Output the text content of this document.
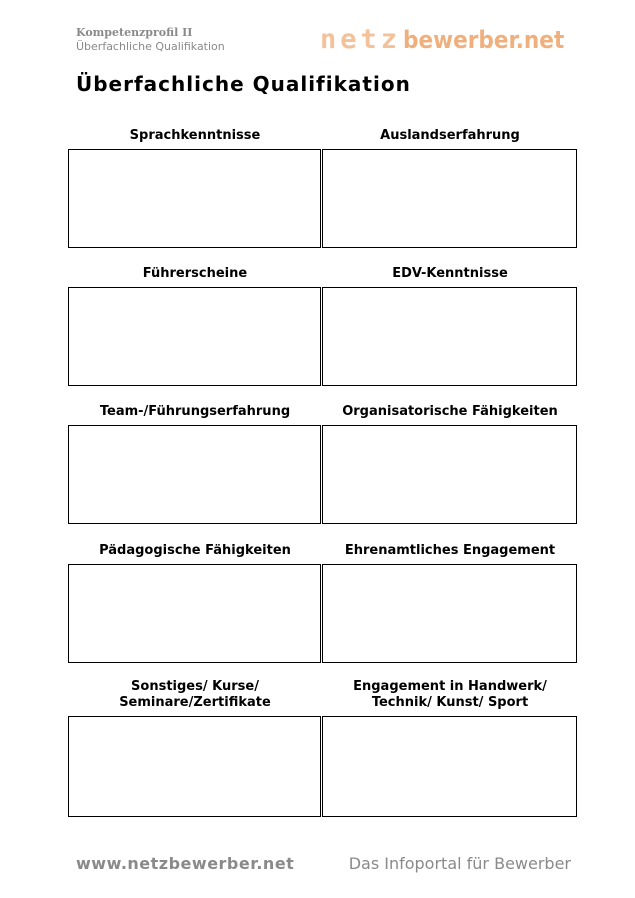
Kompetenzprofil II
Überfachliche Qualifikation	netzbewerber.net
Überfachliche Qualifikation
Sprachkenntnisse	Auslandserfahrung
Führerscheine	EDV-Kenntnisse
Team-/Führungserfahrung	Organisatorische Fähigkeiten
Pädagogische Fähigkeiten	Ehrenamtliches Engagement
Sonstiges/ Kurse/
Seminare/Zertifikate
Engagement in Handwerk/
Technik/ Kunst/ Sport
www.netzbewerber.net	Das Infoportal für Bewerber
